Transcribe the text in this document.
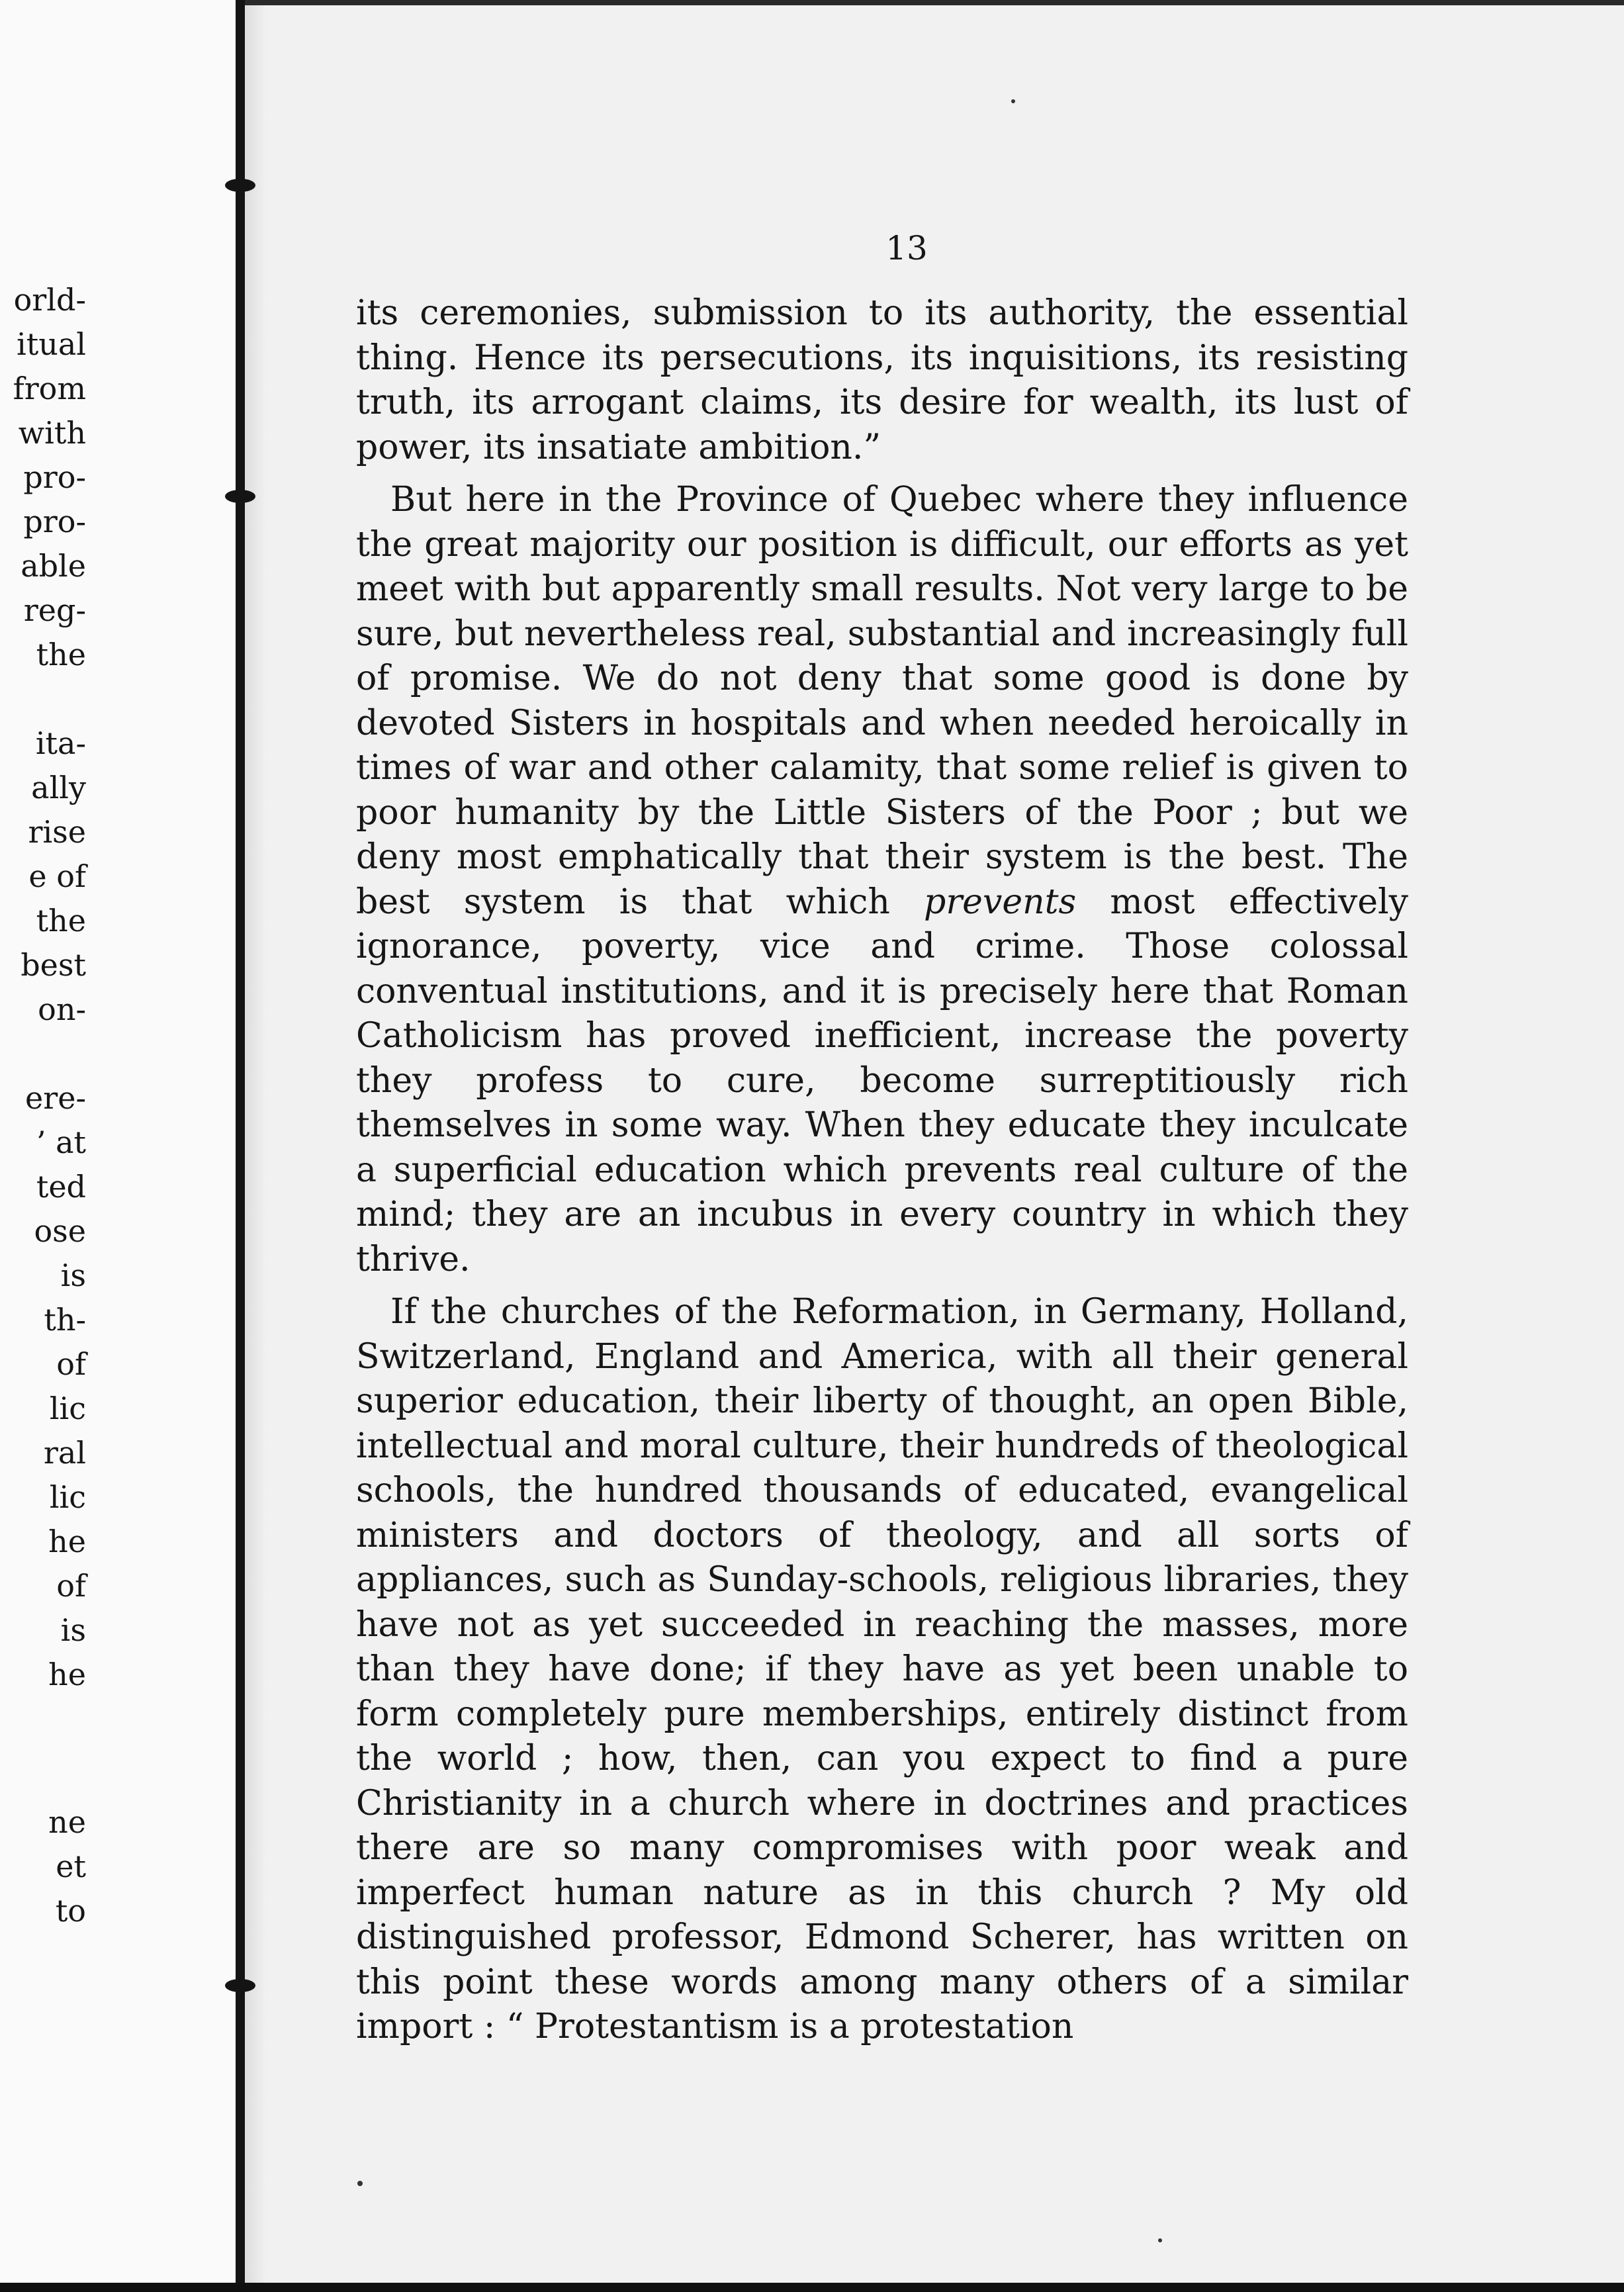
orld-
itual
from
with
pro-
pro-
able
reg-
the
ita-
ally
rise
e of
the
best
on-
ere-
’ at
ted
ose
is
th-
of
lic
ral
lic
he
of
is
he
ne
et
to
13

its ceremonies, submission to its authority, the essential thing. Hence its persecutions, its inquisitions, its resisting truth, its arrogant claims, its desire for wealth, its lust of power, its insatiate ambition.”

But here in the Province of Quebec where they influence the great majority our position is difficult, our efforts as yet meet with but apparently small results. Not very large to be sure, but nevertheless real, substantial and increasingly full of promise. We do not deny that some good is done by devoted Sisters in hospitals and when needed heroically in times of war and other calamity, that some relief is given to poor humanity by the Little Sisters of the Poor ; but we deny most emphatically that their system is the best. The best system is that which prevents most effectively ignorance, poverty, vice and crime. Those colossal conventual institutions, and it is precisely here that Roman Catholicism has proved inefficient, increase the poverty they profess to cure, become surreptitiously rich themselves in some way. When they educate they inculcate a superficial education which prevents real culture of the mind; they are an incubus in every country in which they thrive.

If the churches of the Reformation, in Germany, Holland, Switzerland, England and America, with all their general superior education, their liberty of thought, an open Bible, intellectual and moral culture, their hundreds of theological schools, the hundred thousands of educated, evangelical ministers and doctors of theology, and all sorts of appliances, such as Sunday-schools, religious libraries, they have not as yet succeeded in reaching the masses, more than they have done; if they have as yet been unable to form completely pure memberships, entirely distinct from the world ; how, then, can you expect to find a pure Christianity in a church where in doctrines and practices there are so many compromises with poor weak and imperfect human nature as in this church ? My old distinguished professor, Edmond Scherer, has written on this point these words among many others of a similar import : “ Protestantism is a protestation
